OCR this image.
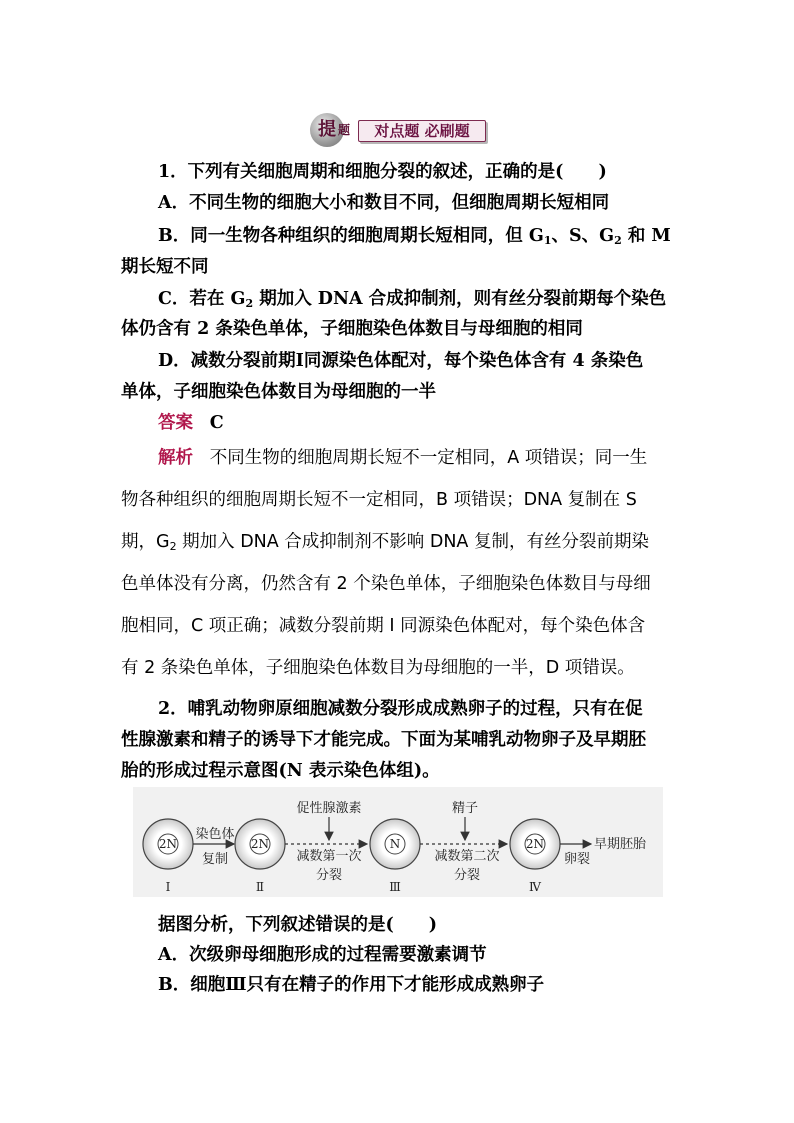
提 题	对点题 必刷题
1．下列有关细胞周期和细胞分裂的叙述，正确的是(　　)
A．不同生物的细胞大小和数目不同，但细胞周期长短相同
B．同一生物各种组织的细胞周期长短相同，但 $G_1$、S、$G_2$ 和 M
期长短不同
C．若在 $G_2$ 期加入 DNA 合成抑制剂，则有丝分裂前期每个染色
体仍含有 2 条染色单体，子细胞染色体数目与母细胞的相同
D．减数分裂前期Ⅰ同源染色体配对，每个染色体含有 4 条染色
单体，子细胞染色体数目为母细胞的一半
答案 C
解析 不同生物的细胞周期长短不一定相同，A 项错误；同一生
物各种组织的细胞周期长短不一定相同，B 项错误；DNA 复制在 S
期，$G_2$ 期加入 DNA 合成抑制剂不影响 DNA 复制，有丝分裂前期染
色单体没有分离，仍然含有 2 个染色单体，子细胞染色体数目与母细
胞相同，C 项正确；减数分裂前期 I 同源染色体配对，每个染色体含
有 2 条染色单体，子细胞染色体数目为母细胞的一半，D 项错误。
2．哺乳动物卵原细胞减数分裂形成成熟卵子的过程，只有在促
性腺激素和精子的诱导下才能完成。下面为某哺乳动物卵子及早期胚
胎的形成过程示意图(N 表示染色体组)。
2N
Ⅰ
染色体
复制
2N
Ⅱ
促性腺激素
减数第一次
分裂
N
Ⅲ
精子
减数第二次
分裂
2N
Ⅳ
卵裂
早期胚胎
据图分析，下列叙述错误的是(　　)
A．次级卵母细胞形成的过程需要激素调节
B．细胞Ⅲ只有在精子的作用下才能形成成熟卵子
